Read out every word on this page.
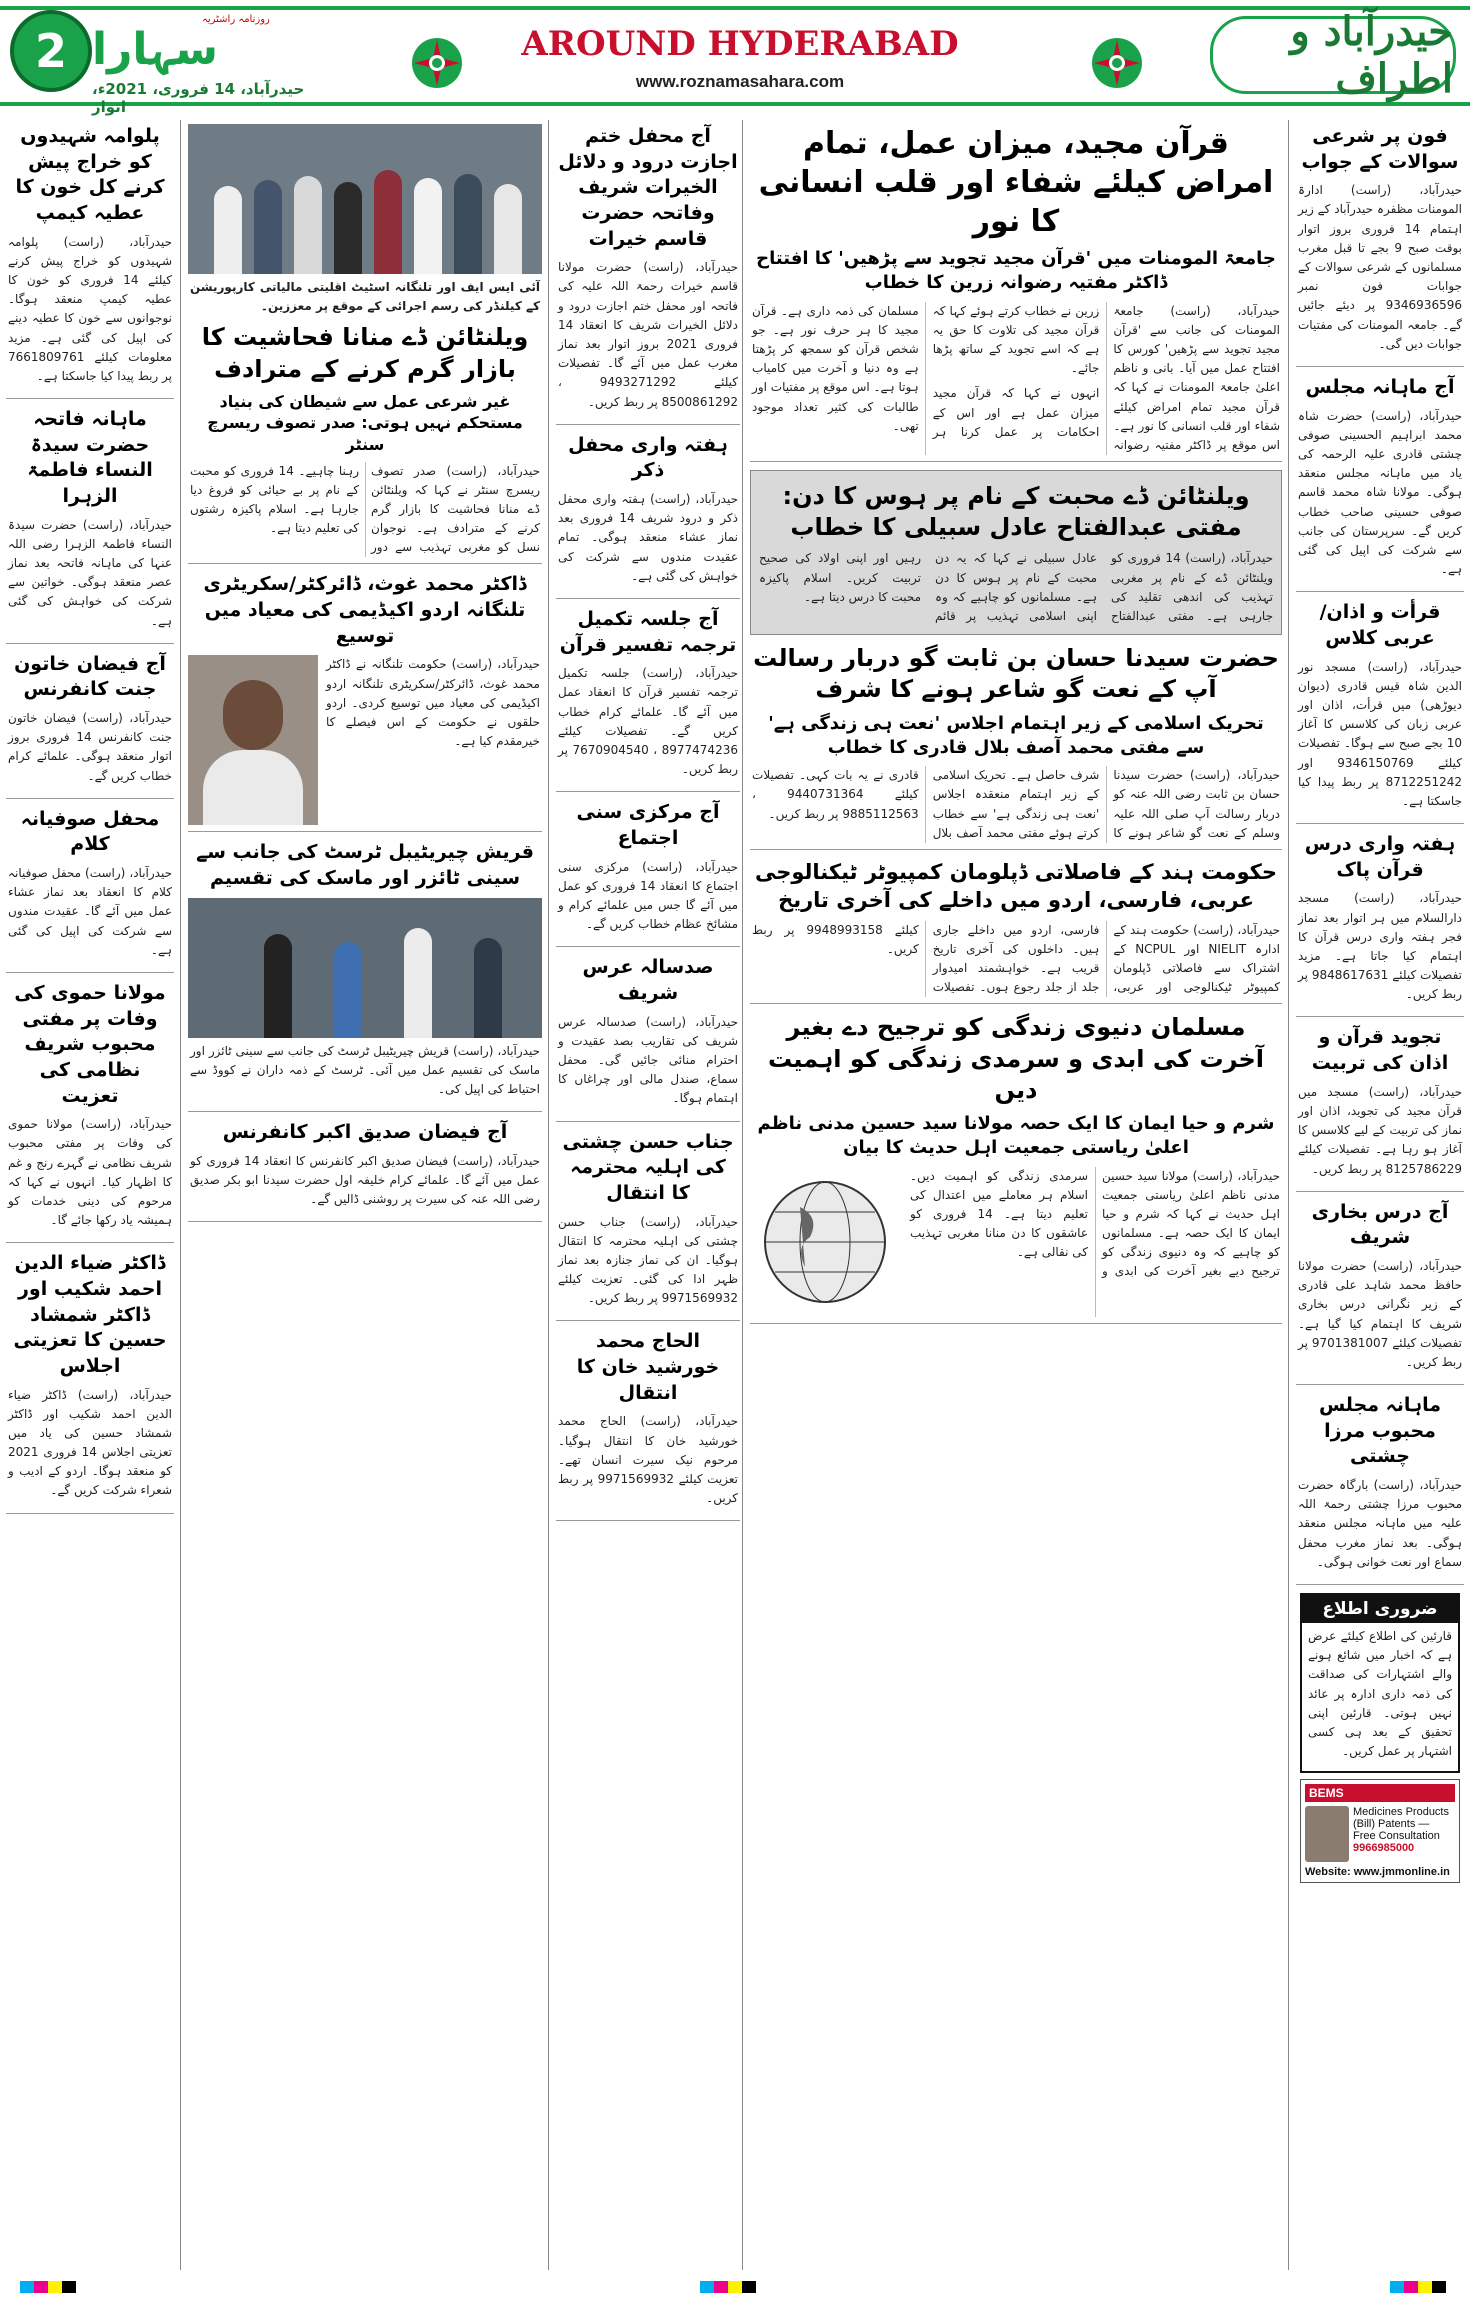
2
روزنامہ راشٹریہ
سہارا
حیدرآباد، 14 فروری، 2021ء، اتوار
AROUND HYDERABAD
www.roznamasahara.com
حیدرآباد و اطراف
فون پر شرعی سوالات کے جواب
حیدرآباد، (راست) ادارۃ المومنات مظفرہ حیدرآباد کے زیر اہتمام 14 فروری بروز اتوار بوقت صبح 9 بجے تا قبل مغرب مسلمانوں کے شرعی سوالات کے جوابات فون نمبر 9346936596 پر دیئے جائیں گے۔ جامعہ المومنات کی مفتیات جوابات دیں گی۔
آج ماہانہ مجلس
حیدرآباد، (راست) حضرت شاہ محمد ابراہیم الحسینی صوفی چشتی قادری علیہ الرحمہ کی یاد میں ماہانہ مجلس منعقد ہوگی۔ مولانا شاہ محمد قاسم صوفی حسینی صاحب خطاب کریں گے۔ سرپرستان کی جانب سے شرکت کی اپیل کی گئی ہے۔
قرأت و اذان/عربی کلاس
حیدرآباد، (راست) مسجد نور الدین شاہ قیس قادری (دیوان دیوڑھی) میں قرأت، اذان اور عربی زبان کی کلاسس کا آغاز 10 بجے صبح سے ہوگا۔ تفصیلات کیلئے 9346150769 اور 8712251242 پر ربط پیدا کیا جاسکتا ہے۔
ہفتہ واری درس قرآن پاک
حیدرآباد، (راست) مسجد دارالسلام میں ہر اتوار بعد نماز فجر ہفتہ واری درس قرآن کا اہتمام کیا جاتا ہے۔ مزید تفصیلات کیلئے 9848617631 پر ربط کریں۔
تجوید قرآن و اذان کی تربیت
حیدرآباد، (راست) مسجد میں قرآن مجید کی تجوید، اذان اور نماز کی تربیت کے لیے کلاسس کا آغاز ہو رہا ہے۔ تفصیلات کیلئے 8125786229 پر ربط کریں۔
آج درس بخاری شریف
حیدرآباد، (راست) حضرت مولانا حافظ محمد شاہد علی قادری کے زیر نگرانی درس بخاری شریف کا اہتمام کیا گیا ہے۔ تفصیلات کیلئے 9701381007 پر ربط کریں۔
ماہانہ مجلس محبوب مرزا چشتی
حیدرآباد، (راست) بارگاہ حضرت محبوب مرزا چشتی رحمۃ اللہ علیہ میں ماہانہ مجلس منعقد ہوگی۔ بعد نماز مغرب محفل سماع اور نعت خوانی ہوگی۔
ضروری اطلاع
قارئین کی اطلاع کیلئے عرض ہے کہ اخبار میں شائع ہونے والے اشتہارات کی صداقت کی ذمہ داری ادارہ پر عائد نہیں ہوتی۔ قارئین اپنی تحقیق کے بعد ہی کسی اشتہار پر عمل کریں۔
BEMS
Medicines Products (Bill) Patents — Free Consultation
9966985000
Website: www.jmmonline.in
قرآن مجید، میزان عمل، تمام امراض کیلئے شفاء اور قلب انسانی کا نور
جامعۃ المومنات میں 'قرآن مجید تجوید سے پڑھیں' کا افتتاح ڈاکٹر مفتیہ رضوانہ زرین کا خطاب
حیدرآباد، (راست) جامعۃ المومنات کی جانب سے 'قرآن مجید تجوید سے پڑھیں' کورس کا افتتاح عمل میں آیا۔ بانی و ناظم اعلیٰ جامعۃ المومنات نے کہا کہ قرآن مجید تمام امراض کیلئے شفاء اور قلب انسانی کا نور ہے۔ اس موقع پر ڈاکٹر مفتیہ رضوانہ زرین نے خطاب کرتے ہوئے کہا کہ قرآن مجید کی تلاوت کا حق یہ ہے کہ اسے تجوید کے ساتھ پڑھا جائے۔
انہوں نے کہا کہ قرآن مجید میزان عمل ہے اور اس کے احکامات پر عمل کرنا ہر مسلمان کی ذمہ داری ہے۔ قرآن مجید کا ہر حرف نور ہے۔ جو شخص قرآن کو سمجھ کر پڑھتا ہے وہ دنیا و آخرت میں کامیاب ہوتا ہے۔ اس موقع پر مفتیات اور طالبات کی کثیر تعداد موجود تھی۔
ویلنٹائن ڈے محبت کے نام پر ہوس کا دن: مفتی عبدالفتاح عادل سبیلی کا خطاب
حیدرآباد، (راست) 14 فروری کو ویلنٹائن ڈے کے نام پر مغربی تہذیب کی اندھی تقلید کی جارہی ہے۔ مفتی عبدالفتاح عادل سبیلی نے کہا کہ یہ دن محبت کے نام پر ہوس کا دن ہے۔ مسلمانوں کو چاہیے کہ وہ اپنی اسلامی تہذیب پر قائم رہیں اور اپنی اولاد کی صحیح تربیت کریں۔ اسلام پاکیزہ محبت کا درس دیتا ہے۔
حضرت سیدنا حسان بن ثابت گو دربار رسالت آپ کے نعت گو شاعر ہونے کا شرف
تحریک اسلامی کے زیر اہتمام اجلاس 'نعت ہی زندگی ہے' سے مفتی محمد آصف بلال قادری کا خطاب
حیدرآباد، (راست) حضرت سیدنا حسان بن ثابت رضی اللہ عنہ کو دربار رسالت آپ صلی اللہ علیہ وسلم کے نعت گو شاعر ہونے کا شرف حاصل ہے۔ تحریک اسلامی کے زیر اہتمام منعقدہ اجلاس 'نعت ہی زندگی ہے' سے خطاب کرتے ہوئے مفتی محمد آصف بلال قادری نے یہ بات کہی۔ تفصیلات کیلئے 9440731364 ، 9885112563 پر ربط کریں۔
حکومت ہند کے فاصلاتی ڈپلومان کمپیوٹر ٹیکنالوجی عربی، فارسی، اردو میں داخلے کی آخری تاریخ
حیدرآباد، (راست) حکومت ہند کے ادارہ NIELIT اور NCPUL کے اشتراک سے فاصلاتی ڈپلومان کمپیوٹر ٹیکنالوجی اور عربی، فارسی، اردو میں داخلے جاری ہیں۔ داخلوں کی آخری تاریخ قریب ہے۔ خواہشمند امیدوار جلد از جلد رجوع ہوں۔ تفصیلات کیلئے 9948993158 پر ربط کریں۔
مسلمان دنیوی زندگی کو ترجیح دے بغیر آخرت کی ابدی و سرمدی زندگی کو اہمیت دیں
شرم و حیا ایمان کا ایک حصہ مولانا سید حسین مدنی ناظم اعلیٰ ریاستی جمعیت اہل حدیث کا بیان
حیدرآباد، (راست) مولانا سید حسین مدنی ناظم اعلیٰ ریاستی جمعیت اہل حدیث نے کہا کہ شرم و حیا ایمان کا ایک حصہ ہے۔ مسلمانوں کو چاہیے کہ وہ دنیوی زندگی کو ترجیح دیے بغیر آخرت کی ابدی و سرمدی زندگی کو اہمیت دیں۔ اسلام ہر معاملے میں اعتدال کی تعلیم دیتا ہے۔ 14 فروری کو عاشقوں کا دن منانا مغربی تہذیب کی نقالی ہے۔
آج محفل ختم اجازت درود و دلائل الخیرات شریف وفاتحہ حضرت قاسم خیرات
حیدرآباد، (راست) حضرت مولانا قاسم خیرات رحمۃ اللہ علیہ کی فاتحہ اور محفل ختم اجازت درود و دلائل الخیرات شریف کا انعقاد 14 فروری 2021 بروز اتوار بعد نماز مغرب عمل میں آئے گا۔ تفصیلات کیلئے 9493271292 ، 8500861292 پر ربط کریں۔
ہفتہ واری محفل ذکر
حیدرآباد، (راست) ہفتہ واری محفل ذکر و درود شریف 14 فروری بعد نماز عشاء منعقد ہوگی۔ تمام عقیدت مندوں سے شرکت کی خواہش کی گئی ہے۔
آج جلسہ تکمیل ترجمہ تفسیر قرآن
حیدرآباد، (راست) جلسہ تکمیل ترجمہ تفسیر قرآن کا انعقاد عمل میں آئے گا۔ علمائے کرام خطاب کریں گے۔ تفصیلات کیلئے 8977474236 ، 7670904540 پر ربط کریں۔
آج مرکزی سنی اجتماع
حیدرآباد، (راست) مرکزی سنی اجتماع کا انعقاد 14 فروری کو عمل میں آئے گا جس میں علمائے کرام و مشائخ عظام خطاب کریں گے۔
صدسالہ عرس شریف
حیدرآباد، (راست) صدسالہ عرس شریف کی تقاریب بصد عقیدت و احترام منائی جائیں گی۔ محفل سماع، صندل مالی اور چراغاں کا اہتمام ہوگا۔
جناب حسن چشتی کی اہلیہ محترمہ کا انتقال
حیدرآباد، (راست) جناب حسن چشتی کی اہلیہ محترمہ کا انتقال ہوگیا۔ ان کی نماز جنازہ بعد نماز ظہر ادا کی گئی۔ تعزیت کیلئے 9971569932 پر ربط کریں۔
الحاج محمد خورشید خان کا انتقال
حیدرآباد، (راست) الحاج محمد خورشید خان کا انتقال ہوگیا۔ مرحوم نیک سیرت انسان تھے۔ تعزیت کیلئے 9971569932 پر ربط کریں۔
آئی ایس ایف اور تلنگانہ اسٹیٹ اقلیتی مالیاتی کارپوریشن کے کیلنڈر کی رسم اجرائی کے موقع پر معززین۔
ویلنٹائن ڈے منانا فحاشیت کا بازار گرم کرنے کے مترادف
غیر شرعی عمل سے شیطان کی بنیاد مستحکم نہیں ہوتی: صدر تصوف ریسرچ سنٹر
حیدرآباد، (راست) صدر تصوف ریسرچ سنٹر نے کہا کہ ویلنٹائن ڈے منانا فحاشیت کا بازار گرم کرنے کے مترادف ہے۔ نوجوان نسل کو مغربی تہذیب سے دور رہنا چاہیے۔ 14 فروری کو محبت کے نام پر بے حیائی کو فروغ دیا جارہا ہے۔ اسلام پاکیزہ رشتوں کی تعلیم دیتا ہے۔
ڈاکٹر محمد غوث، ڈائرکٹر/سکریٹری تلنگانہ اردو اکیڈیمی کی معیاد میں توسیع
حیدرآباد، (راست) حکومت تلنگانہ نے ڈاکٹر محمد غوث، ڈائرکٹر/سکریٹری تلنگانہ اردو اکیڈیمی کی معیاد میں توسیع کردی۔ اردو حلقوں نے حکومت کے اس فیصلے کا خیرمقدم کیا ہے۔
قریش چیریٹیبل ٹرسٹ کی جانب سے سینی ٹائزر اور ماسک کی تقسیم
حیدرآباد، (راست) قریش چیریٹیبل ٹرسٹ کی جانب سے سینی ٹائزر اور ماسک کی تقسیم عمل میں آئی۔ ٹرسٹ کے ذمہ داران نے کووڈ سے احتیاط کی اپیل کی۔
آج فیضان صدیق اکبر کانفرنس
حیدرآباد، (راست) فیضان صدیق اکبر کانفرنس کا انعقاد 14 فروری کو عمل میں آئے گا۔ علمائے کرام خلیفہ اول حضرت سیدنا ابو بکر صدیق رضی اللہ عنہ کی سیرت پر روشنی ڈالیں گے۔
پلوامہ شہیدوں کو خراج پیش کرنے کل خون کا عطیہ کیمپ
حیدرآباد، (راست) پلوامہ شہیدوں کو خراج پیش کرنے کیلئے 14 فروری کو خون کا عطیہ کیمپ منعقد ہوگا۔ نوجوانوں سے خون کا عطیہ دینے کی اپیل کی گئی ہے۔ مزید معلومات کیلئے 7661809761 پر ربط پیدا کیا جاسکتا ہے۔
ماہانہ فاتحہ حضرت سیدۃ النساء فاطمۃ الزہرا
حیدرآباد، (راست) حضرت سیدۃ النساء فاطمۃ الزہرا رضی اللہ عنہا کی ماہانہ فاتحہ بعد نماز عصر منعقد ہوگی۔ خواتین سے شرکت کی خواہش کی گئی ہے۔
آج فیضان خاتون جنت کانفرنس
حیدرآباد، (راست) فیضان خاتون جنت کانفرنس 14 فروری بروز اتوار منعقد ہوگی۔ علمائے کرام خطاب کریں گے۔
محفل صوفیانہ کلام
حیدرآباد، (راست) محفل صوفیانہ کلام کا انعقاد بعد نماز عشاء عمل میں آئے گا۔ عقیدت مندوں سے شرکت کی اپیل کی گئی ہے۔
مولانا حموی کی وفات پر مفتی محبوب شریف نظامی کی تعزیت
حیدرآباد، (راست) مولانا حموی کی وفات پر مفتی محبوب شریف نظامی نے گہرے رنج و غم کا اظہار کیا۔ انہوں نے کہا کہ مرحوم کی دینی خدمات کو ہمیشہ یاد رکھا جائے گا۔
ڈاکٹر ضیاء الدین احمد شکیب اور ڈاکٹر شمشاد حسین کا تعزیتی اجلاس
حیدرآباد، (راست) ڈاکٹر ضیاء الدین احمد شکیب اور ڈاکٹر شمشاد حسین کی یاد میں تعزیتی اجلاس 14 فروری 2021 کو منعقد ہوگا۔ اردو کے ادیب و شعراء شرکت کریں گے۔
